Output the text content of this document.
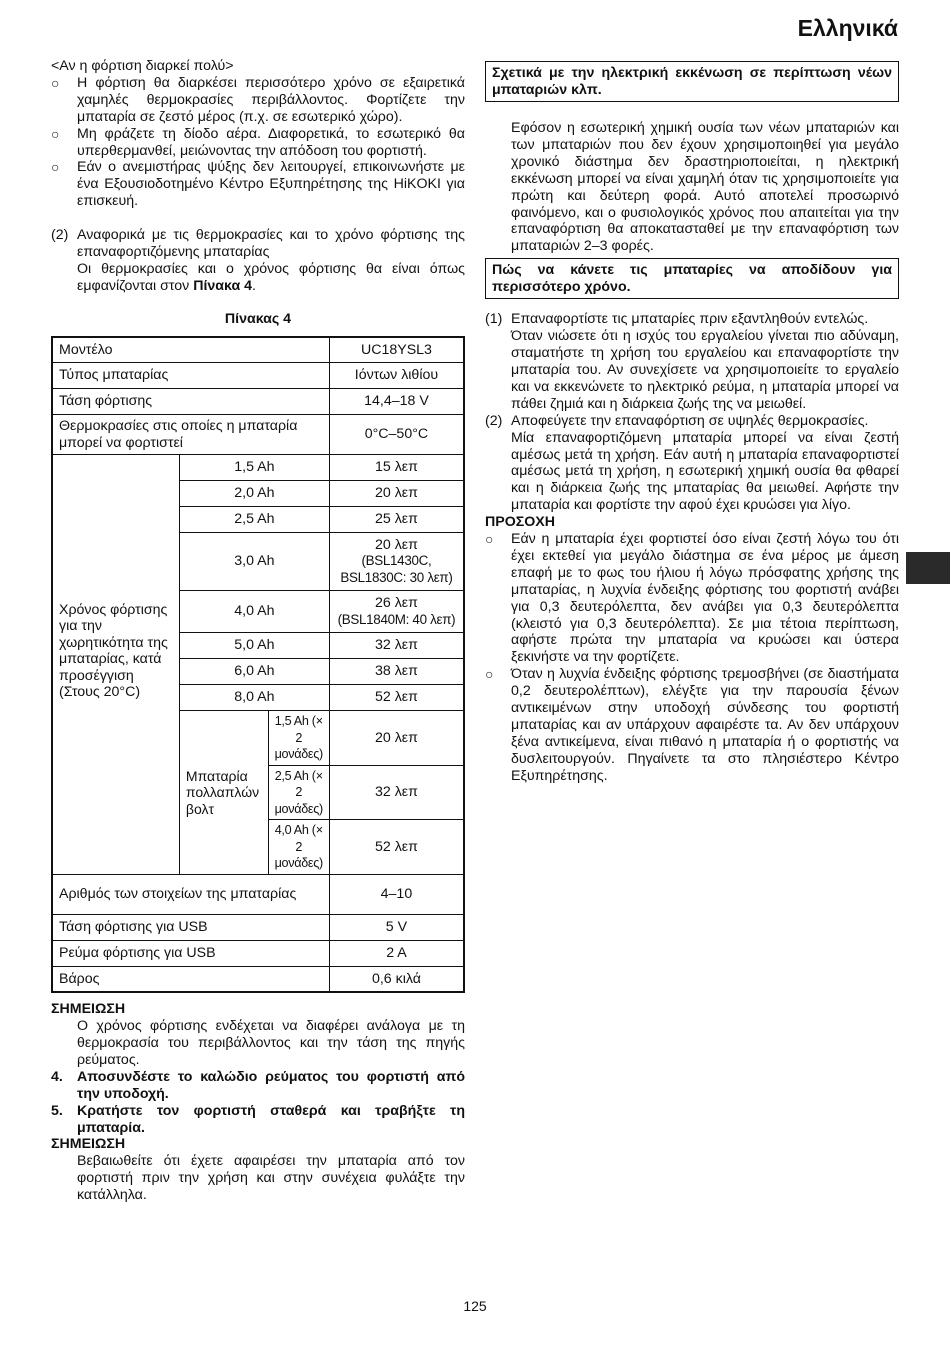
Ελληνικά
<Αν η φόρτιση διαρκεί πολύ>
○	Η φόρτιση θα διαρκέσει περισσότερο χρόνο σε εξαιρετικά χαμηλές θερμοκρασίες περιβάλλοντος. Φορτίζετε την μπαταρία σε ζεστό μέρος (π.χ. σε εσωτερικό χώρο).
○	Μη φράζετε τη δίοδο αέρα. Διαφορετικά, το εσωτερικό θα υπερθερμανθεί, μειώνοντας την απόδοση του φορτιστή.
○	Εάν ο ανεμιστήρας ψύξης δεν λειτουργεί, επικοινωνήστε με ένα Εξουσιοδοτημένο Κέντρο Εξυπηρέτησης της HiKOKI για επισκευή.
(2) Αναφορικά με τις θερμοκρασίες και το χρόνο φόρτισης της επαναφορτιζόμενης μπαταρίας
Οι θερμοκρασίες και ο χρόνος φόρτισης θα είναι όπως εμφανίζονται στον Πίνακα 4.
Πίνακας 4
Μοντέλο			UC18YSL3
Τύπος μπαταρίας			Ιόντων λιθίου
Τάση φόρτισης			14,4–18 V
Θερμοκρασίες στις οποίες η μπαταρία μπορεί να φορτιστεί			0°C–50°C

Χρόνος φόρτισης για την χωρητικότητα της μπαταρίας, κατά προσέγγιση (Στους 20°C)	1,5 Ah		15 λεπ
	2,0 Ah		20 λεπ
	2,5 Ah		25 λεπ
	3,0 Ah		20 λεπ
(BSL1430C, BSL1830C: 30 λεπ)

	4,0 Ah		26 λεπ
(BSL1840M: 40 λεπ)

	5,0 Ah		32 λεπ
	6,0 Ah		38 λεπ
	8,0 Ah		52 λεπ
	Μπαταρία πολλαπλών βολτ	1,5 Ah (× 2 μονάδες)	20 λεπ
		2,5 Ah (× 2 μονάδες)	32 λεπ
		4,0 Ah (× 2 μονάδες)	52 λεπ
Αριθμός των στοιχείων της μπαταρίας			4–10
Τάση φόρτισης για USB			5 V
Ρεύμα φόρτισης για USB			2 A
Βάρος			0,6 κιλά
ΣΗΜΕΙΩΣΗ
Ο χρόνος φόρτισης ενδέχεται να διαφέρει ανάλογα με τη θερμοκρασία του περιβάλλοντος και την τάση της πηγής ρεύματος.
4. Αποσυνδέστε το καλώδιο ρεύματος του φορτιστή από την υποδοχή.
5. Κρατήστε τον φορτιστή σταθερά και τραβήξτε τη μπαταρία.
ΣΗΜΕΙΩΣΗ
Βεβαιωθείτε ότι έχετε αφαιρέσει την μπαταρία από τον φορτιστή πριν την χρήση και στην συνέχεια φυλάξτε την κατάλληλα.
Σχετικά με την ηλεκτρική εκκένωση σε περίπτωση νέων μπαταριών κλπ.
Εφόσον η εσωτερική χημική ουσία των νέων μπαταριών και των μπαταριών που δεν έχουν χρησιμοποιηθεί για μεγάλο χρονικό διάστημα δεν δραστηριοποιείται, η ηλεκτρική εκκένωση μπορεί να είναι χαμηλή όταν τις χρησιμοποιείτε για πρώτη και δεύτερη φορά. Αυτό αποτελεί προσωρινό φαινόμενο, και ο φυσιολογικός χρόνος που απαιτείται για την επαναφόρτιση θα αποκατασταθεί με την επαναφόρτιση των μπαταριών 2–3 φορές.
Πώς να κάνετε τις μπαταρίες να αποδίδουν για περισσότερο χρόνο.
(1) Επαναφορτίστε τις μπαταρίες πριν εξαντληθούν εντελώς.
Όταν νιώσετε ότι η ισχύς του εργαλείου γίνεται πιο αδύναμη, σταματήστε τη χρήση του εργαλείου και επαναφορτίστε την μπαταρία του. Αν συνεχίσετε να χρησιμοποιείτε το εργαλείο και να εκκενώνετε το ηλεκτρικό ρεύμα, η μπαταρία μπορεί να πάθει ζημιά και η διάρκεια ζωής της να μειωθεί.
(2) Αποφεύγετε την επαναφόρτιση σε υψηλές θερμοκρασίες.
Μία επαναφορτιζόμενη μπαταρία μπορεί να είναι ζεστή αμέσως μετά τη χρήση. Εάν αυτή η μπαταρία επαναφορτιστεί αμέσως μετά τη χρήση, η εσωτερική χημική ουσία θα φθαρεί και η διάρκεια ζωής της μπαταρίας θα μειωθεί. Αφήστε την μπαταρία και φορτίστε την αφού έχει κρυώσει για λίγο.
ΠΡΟΣΟΧΗ
○	Εάν η μπαταρία έχει φορτιστεί όσο είναι ζεστή λόγω του ότι έχει εκτεθεί για μεγάλο διάστημα σε ένα μέρος με άμεση επαφή με το φως του ήλιου ή λόγω πρόσφατης χρήσης της μπαταρίας, η λυχνία ένδειξης φόρτισης του φορτιστή ανάβει για 0,3 δευτερόλεπτα, δεν ανάβει για 0,3 δευτερόλεπτα (κλειστό για 0,3 δευτερόλεπτα). Σε μια τέτοια περίπτωση, αφήστε πρώτα την μπαταρία να κρυώσει και ύστερα ξεκινήστε να την φορτίζετε.
○	Όταν η λυχνία ένδειξης φόρτισης τρεμοσβήνει (σε διαστήματα 0,2 δευτερολέπτων), ελέγξτε για την παρουσία ξένων αντικειμένων στην υποδοχή σύνδεσης του φορτιστή μπαταρίας και αν υπάρχουν αφαιρέστε τα. Αν δεν υπάρχουν ξένα αντικείμενα, είναι πιθανό η μπαταρία ή ο φορτιστής να δυσλειτουργούν. Πηγαίνετε τα στο πλησιέστερο Κέντρο Εξυπηρέτησης.
125
